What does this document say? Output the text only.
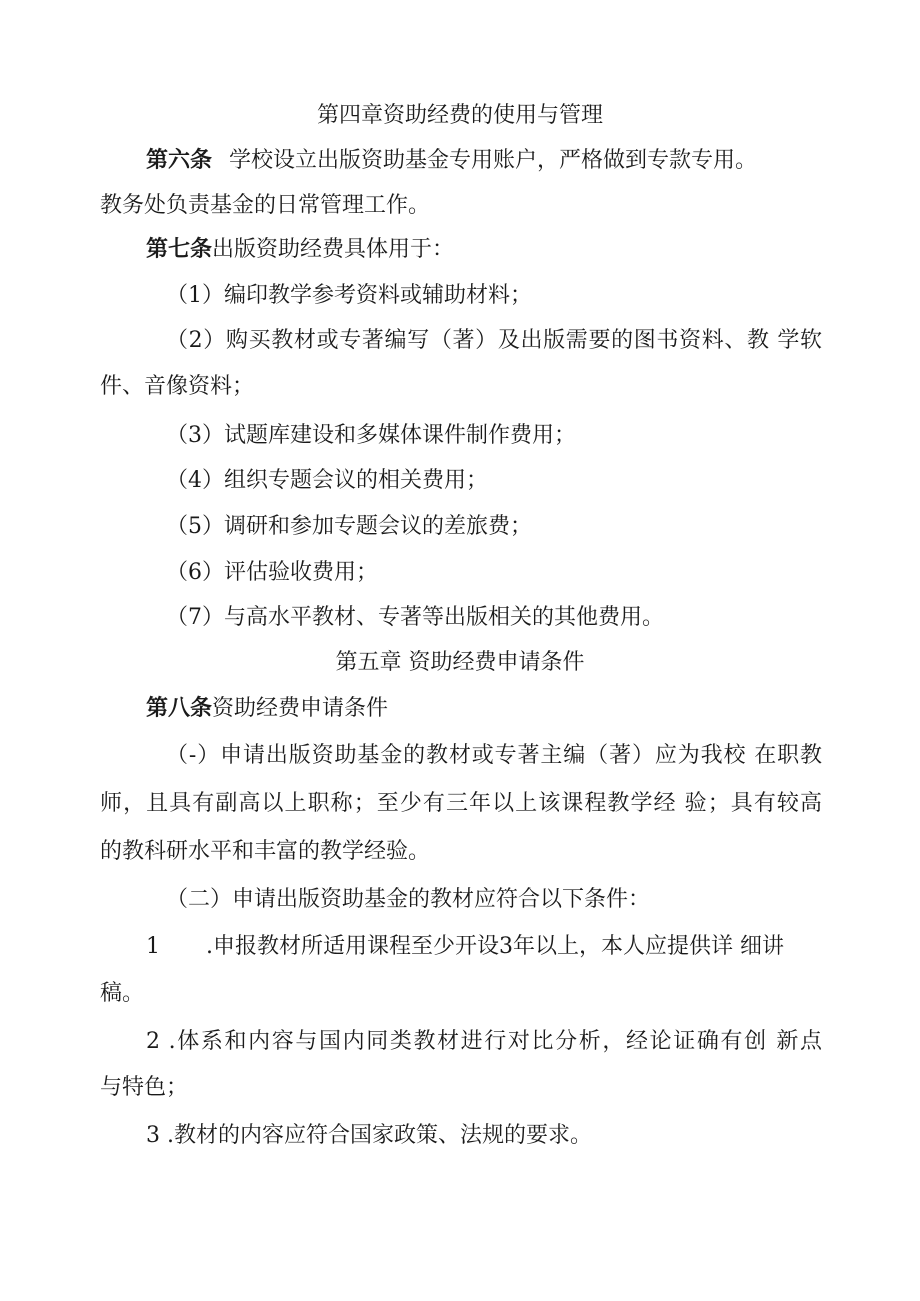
第四章资助经费的使用与管理
第六条 学校设立出版资助基金专用账户，严格做到专款专用。
教务处负责基金的日常管理工作。
第七条出版资助经费具体用于：
（1）编印教学参考资料或辅助材料；
（2）购买教材或专著编写（著）及出版需要的图书资料、教 学软
件、音像资料；
（3）试题库建设和多媒体课件制作费用；
（4）组织专题会议的相关费用；
（5）调研和参加专题会议的差旅费；
（6）评估验收费用；
（7）与高水平教材、专著等出版相关的其他费用。
第五章 资助经费申请条件
第八条资助经费申请条件
（-）申请出版资助基金的教材或专著主编（著）应为我校 在职教
师，且具有副高以上职称；至少有三年以上该课程教学经 验；具有较高
的教科研水平和丰富的教学经验。
（二）申请出版资助基金的教材应符合以下条件：
1 .申报教材所适用课程至少开设3年以上，本人应提供详 细讲
稿。
2 .体系和内容与国内同类教材进行对比分析，经论证确有创 新点
与特色；
3 .教材的内容应符合国家政策、法规的要求。
